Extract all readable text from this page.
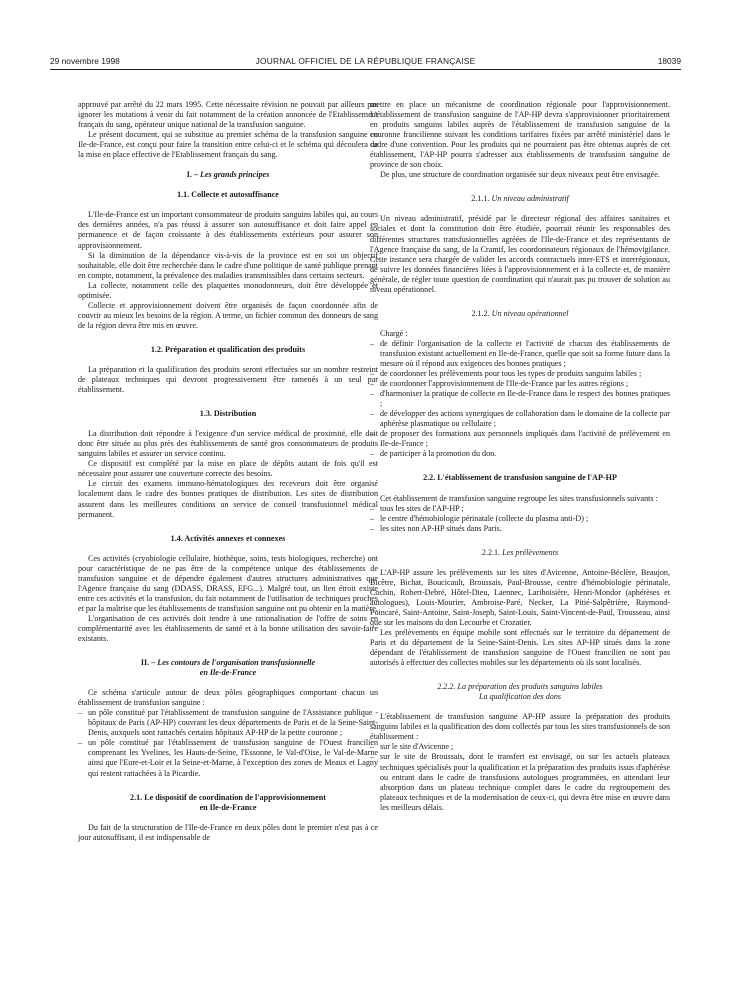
29 novembre 1998	JOURNAL OFFICIEL DE LA RÉPUBLIQUE FRANÇAISE	18039

approuvé par arrêté du 22 mars 1995. Cette nécessaire révision ne pouvait par ailleurs pas ignorer les mutations à venir du fait notamment de la création annoncée de l'Etablissement français du sang, opérateur unique national de la transfusion sanguine.

Le présent document, qui se substitue au premier schéma de la transfusion sanguine en Ile-de-France, est conçu pour faire la transition entre celui-ci et le schéma qui découlera de la mise en place effective de l'Etablissement français du sang.

I. – Les grands principes
1.1. Collecte et autosuffisance

L'Ile-de-France est un important consommateur de produits sanguins labiles qui, au cours des dernières années, n'a pas réussi à assurer son autosuffisance et doit faire appel en permanence et de façon croissante à des établissements extérieurs pour assurer son approvisionnement.

Si la diminution de la dépendance vis-à-vis de la province est en soi un objectif souhaitable, elle doit être recherchée dans le cadre d'une politique de santé publique prenant en compte, notamment, la prévalence des maladies transmissibles dans certains secteurs.

La collecte, notamment celle des plaquettes monodonneurs, doit être développée et optimisée.

Collecte et approvisionnement doivent être organisés de façon coordonnée afin de couvrir au mieux les besoins de la région. A terme, un fichier commun des donneurs de sang de la région devra être mis en œuvre.

1.2. Préparation et qualification des produits

La préparation et la qualification des produits seront effectuées sur un nombre restreint de plateaux techniques qui devront progressivement être ramenés à un seul par établissement.

1.3. Distribution

La distribution doit répondre à l'exigence d'un service médical de proximité, elle doit donc être située au plus près des établissements de santé gros consommateurs de produits sanguins labiles et assurer un service continu.

Ce dispositif est complété par la mise en place de dépôts autant de fois qu'il est nécessaire pour assurer une couverture correcte des besoins.

Le circuit des examens immuno-hématologiques des receveurs doit être organisé localement dans le cadre des bonnes pratiques de distribution. Les sites de distribution assurent dans les meilleures conditions un service de conseil transfusionnel médical permanent.

1.4. Activités annexes et connexes

Ces activités (cryobiologie cellulaire, biothèque, soins, tests biologiques, recherche) ont pour caractéristique de ne pas être de la compétence unique des établissements de transfusion sanguine et de dépendre également d'autres structures administratives que l'Agence française du sang (DDASS, DRASS, EFG...). Malgré tout, un lien étroit existe entre ces activités et la transfusion, du fait notamment de l'utilisation de techniques proches et par la maîtrise que les établissements de transfusion sanguine ont pu obtenir en la matière.

L'organisation de ces activités doit tendre à une rationalisation de l'offre de soins en complémentarité avec les établissements de santé et à la bonne utilisation des savoir-faire existants.

II. – Les contours de l'organisation transfusionnelle
en Ile-de-France

Ce schéma s'articule autour de deux pôles géographiques comportant chacun un établissement de transfusion sanguine :

– un pôle constitué par l'établissement de transfusion sanguine de l'Assistance publique - hôpitaux de Paris (AP-HP) couvrant les deux départements de Paris et de la Seine-Saint-Denis, auxquels sont rattachés certains hôpitaux AP-HP de la petite couronne ;
– un pôle constitué par l'établissement de transfusion sanguine de l'Ouest francilien comprenant les Yvelines, les Hauts-de-Seine, l'Essonne, le Val-d'Oise, le Val-de-Marne ainsi que l'Eure-et-Loir et la Seine-et-Marne, à l'exception des zones de Meaux et Lagny qui restent rattachées à la Picardie.
2.1. Le dispositif de coordination de l'approvisionnement
en Ile-de-France

Du fait de la structuration de l'Ile-de-France en deux pôles dont le premier n'est pas à ce jour autosuffisant, il est indispensable de

mettre en place un mécanisme de coordination régionale pour l'approvisionnement. L'établissement de transfusion sanguine de l'AP-HP devra s'approvisionner prioritairement en produits sanguins labiles auprès de l'établissement de transfusion sanguine de la couronne francilienne suivant les conditions tarifaires fixées par arrêté ministériel dans le cadre d'une convention. Pour les produits qui ne pourraient pas être obtenus auprès de cet établissement, l'AP-HP pourra s'adresser aux établissements de transfusion sanguine de province de son choix.

De plus, une structure de coordination organisée sur deux niveaux peut être envisagée.

2.1.1. Un niveau administratif

Un niveau administratif, présidé par le directeur régional des affaires sanitaires et sociales et dont la constitution doit être étudiée, pourrait réunir les responsables des différentes structures transfusionnelles agréées de l'Ile-de-France et des représentants de l'Agence française du sang, de la Cramif, les coordonnateurs régionaux de l'hémovigilance. Cette instance sera chargée de valider les accords contractuels inter-ETS et interrégionaux, de suivre les données financières liées à l'approvisionnement et à la collecte et, de manière générale, de régler toute question de coordination qui n'aurait pas pu trouver de solution au niveau opérationnel.

2.1.2. Un niveau opérationnel

Chargé :

– de définir l'organisation de la collecte et l'activité de chacun des établissements de transfusion existant actuellement en Ile-de-France, quelle que soit sa forme future dans la mesure où il répond aux exigences des bonnes pratiques ;
– de coordonner les prélèvements pour tous les types de produits sanguins labiles ;
– de coordonner l'approvisionnement de l'Ile-de-France par les autres régions ;
– d'harmoniser la pratique de collecte en Ile-de-France dans le respect des bonnes pratiques ;
– de développer des actions synergiques de collaboration dans le domaine de la collecte par aphérèse plasmatique ou cellulaire ;
– de proposer des formations aux personnels impliqués dans l'activité de prélèvement en Ile-de-France ;
– de participer à la promotion du don.
2.2. L'établissement de transfusion sanguine de l'AP-HP

Cet établissement de transfusion sanguine regroupe les sites transfusionnels suivants :

– tous les sites de l'AP-HP ;
– le centre d'hémobiologie périnatale (collecte du plasma anti-D) ;
– les sites non AP-HP situés dans Paris.
2.2.1. Les prélèvements

L'AP-HP assure les prélèvements sur les sites d'Avicenne, Antoine-Béclère, Beaujon, Bicêtre, Bichat, Boucicault, Broussais, Paul-Brousse, centre d'hémobiologie périnatale, Cochin, Robert-Debré, Hôtel-Dieu, Laennec, Lariboisière, Henri-Mondor (aphérèses et autologues), Louis-Mourier, Ambroise-Paré, Necker, La Pitié-Salpêtrière, Raymond-Poincaré, Saint-Antoine, Saint-Joseph, Saint-Louis, Saint-Vincent-de-Paul, Trousseau, ainsi que sur les maisons du don Lecourbe et Crozatier.

Les prélèvements en équipe mobile sont effectués sur le territoire du département de Paris et du département de la Seine-Saint-Denis. Les sites AP-HP situés dans la zone dépendant de l'établissement de transfusion sanguine de l'Ouest francilien ne sont pas autorisés à effectuer des collectes mobiles sur les départements où ils sont localisés.

2.2.2. La préparation des produits sanguins labiles
La qualification des dons

L'établissement de transfusion sanguine AP-HP assure la préparation des produits sanguins labiles et la qualification des dons collectés par tous les sites transfusionnels de son établissement :

– sur le site d'Avicenne ;
– sur le site de Broussais, dont le transfert est envisagé, ou sur les actuels plateaux techniques spécialisés pour la qualification et la préparation des produits issus d'aphérèse ou entrant dans le cadre de transfusions autologues programmées, en attendant leur absorption dans un plateau technique complet dans le cadre du regroupement des plateaux techniques et de la modernisation de ceux-ci, qui devra être mise en œuvre dans les meilleurs délais.
